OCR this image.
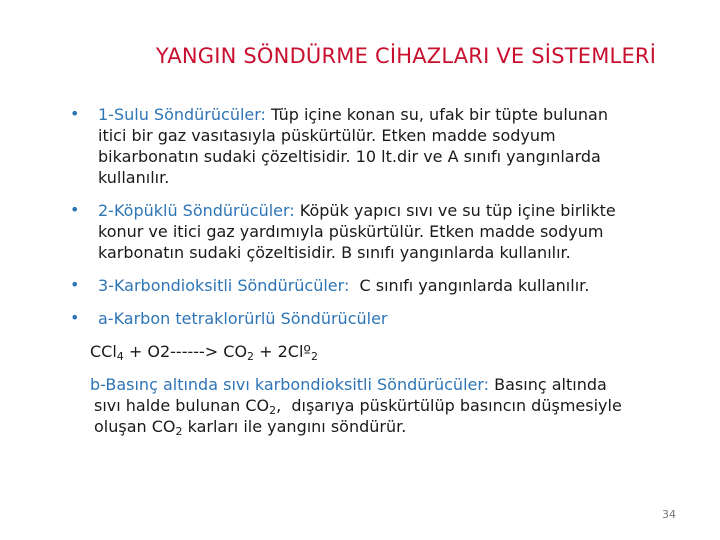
YANGIN SÖNDÜRME CİHAZLARI VE SİSTEMLERİ
• 1-Sulu Söndürücüler: Tüp içine konan su, ufak bir tüpte bulunan
itici bir gaz vasıtasıyla püskürtülür. Etken madde sodyum
bikarbonatın sudaki çözeltisidir. 10 lt.dir ve A sınıfı yangınlarda
kullanılır.
• 2-Köpüklü Söndürücüler: Köpük yapıcı sıvı ve su tüp içine birlikte
konur ve itici gaz yardımıyla püskürtülür. Etken madde sodyum
karbonatın sudaki çözeltisidir. B sınıfı yangınlarda kullanılır.
• 3-Karbondioksitli Söndürücüler:  C sınıfı yangınlarda kullanılır.
• a-Karbon tetraklorürlü Söndürücüler
$CCl_4 + O2------> CO_2$ + 2Clº$_2$
b-Basınç altında sıvı karbondioksitli Söndürücüler: Basınç altında
sıvı halde bulunan $CO_2$,  dışarıya püskürtülüp basıncın düşmesiyle
oluşan $CO_2$ karları ile yangını söndürür.
34
